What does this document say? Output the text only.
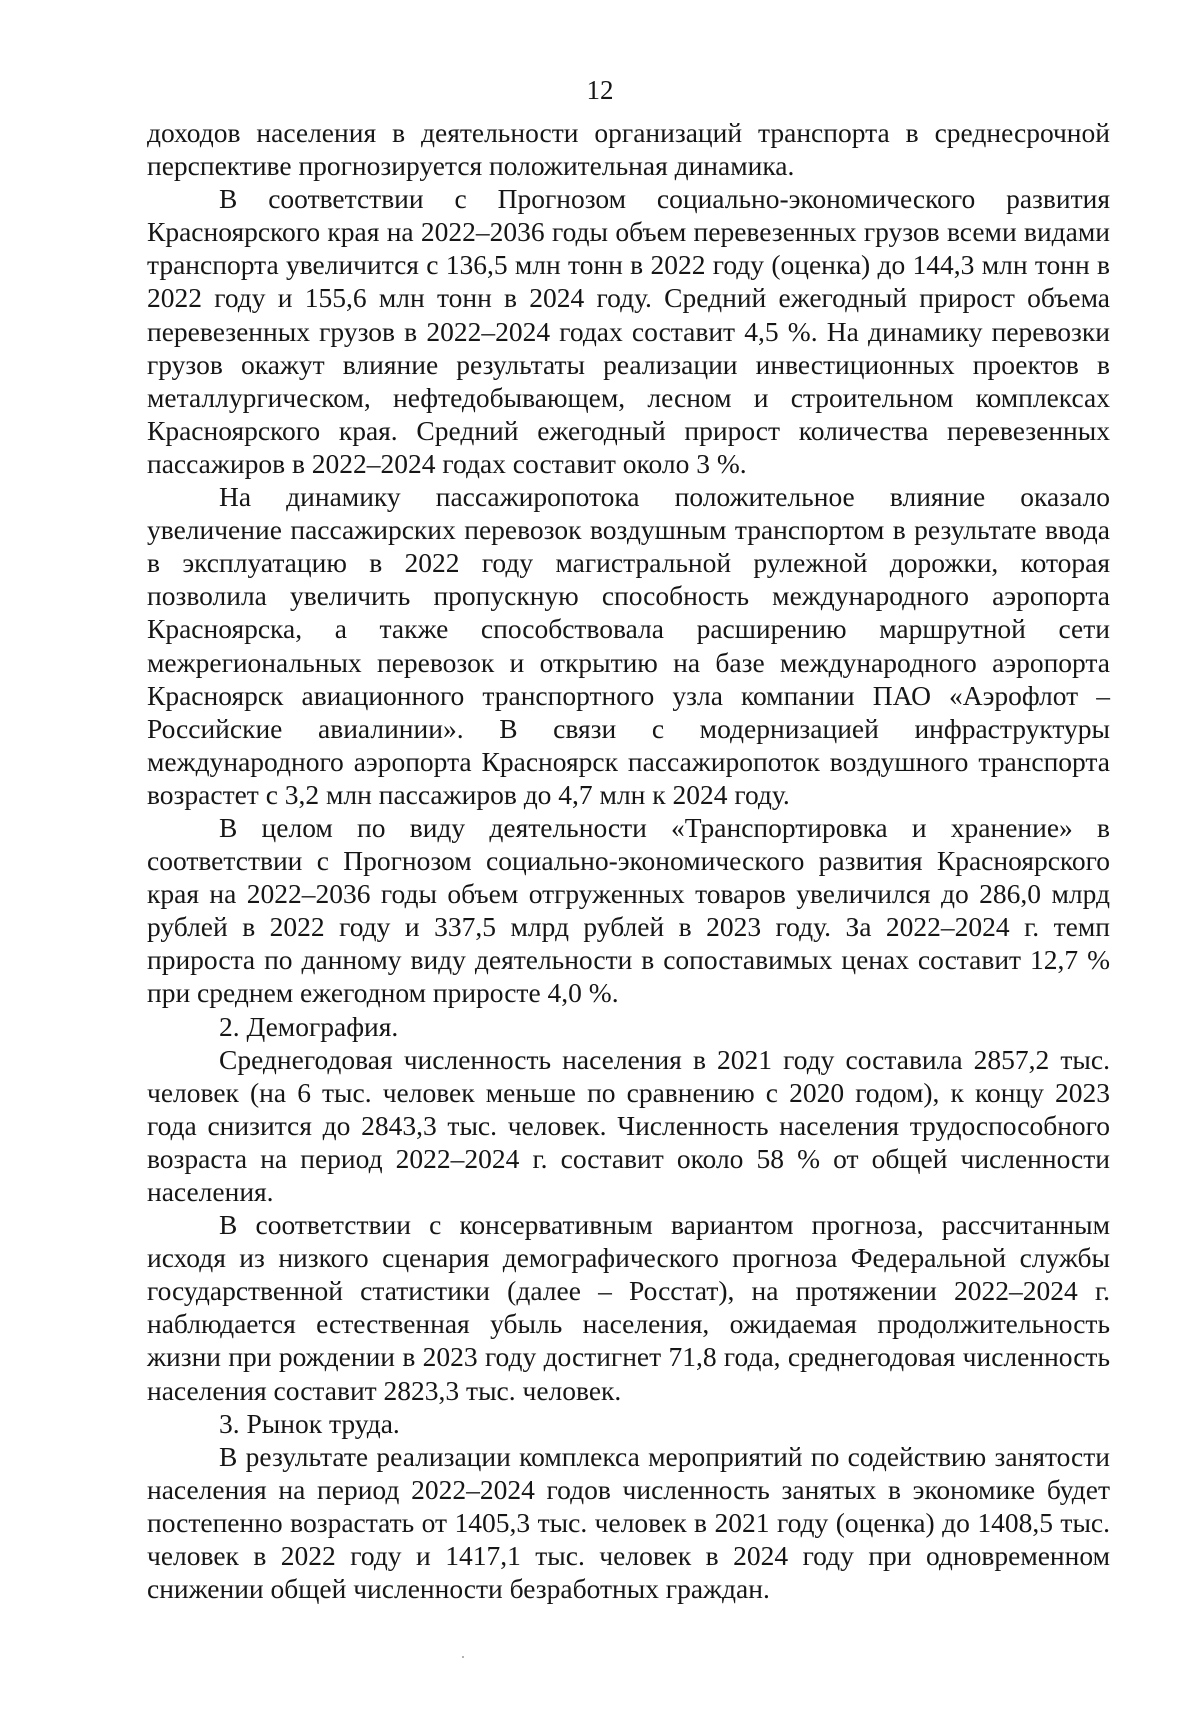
12

доходов населения в деятельности организаций транспорта в среднесрочной перспективе прогнозируется положительная динамика.

В соответствии с Прогнозом социально-экономического развития Красноярского края на 2022–2036 годы объем перевезенных грузов всеми видами транспорта увеличится с 136,5 млн тонн в 2022 году (оценка) до 144,3 млн тонн в 2022 году и 155,6 млн тонн в 2024 году. Средний ежегодный прирост объема перевезенных грузов в 2022–2024 годах составит 4,5 %. На динамику перевозки грузов окажут влияние результаты реализации инвестиционных проектов в металлургическом, нефтедобывающем, лесном и строительном комплексах Красноярского края. Средний ежегодный прирост количества перевезенных пассажиров в 2022–2024 годах составит около 3 %.

На динамику пассажиропотока положительное влияние оказало увеличение пассажирских перевозок воздушным транспортом в результате ввода в эксплуатацию в 2022 году магистральной рулежной дорожки, которая позволила увеличить пропускную способность международного аэропорта Красноярска, а также способствовала расширению маршрутной сети межрегиональных перевозок и открытию на базе международного аэропорта Красноярск авиационного транспортного узла компании ПАО «Аэрофлот – Российские авиалинии». В связи с модернизацией инфраструктуры международного аэропорта Красноярск пассажиропоток воздушного транспорта возрастет с 3,2 млн пассажиров до 4,7 млн к 2024 году.

В целом по виду деятельности «Транспортировка и хранение» в соответствии с Прогнозом социально-экономического развития Красноярского края на 2022–2036 годы объем отгруженных товаров увеличился до 286,0 млрд рублей в 2022 году и 337,5 млрд рублей в 2023 году. За 2022–2024 г. темп прироста по данному виду деятельности в сопоставимых ценах составит 12,7 % при среднем ежегодном приросте 4,0 %.

2. Демография.

Среднегодовая численность населения в 2021 году составила 2857,2 тыс. человек (на 6 тыс. человек меньше по сравнению с 2020 годом), к концу 2023 года снизится до 2843,3 тыс. человек. Численность населения трудоспособного возраста на период 2022–2024 г. составит около 58 % от общей численности населения.

В соответствии с консервативным вариантом прогноза, рассчитанным исходя из низкого сценария демографического прогноза Федеральной службы государственной статистики (далее – Росстат), на протяжении 2022–2024 г. наблюдается естественная убыль населения, ожидаемая продолжительность жизни при рождении в 2023 году достигнет 71,8 года, среднегодовая численность населения составит 2823,3 тыс. человек.

3. Рынок труда.

В результате реализации комплекса мероприятий по содействию занятости населения на период 2022–2024 годов численность занятых в экономике будет постепенно возрастать от 1405,3 тыс. человек в 2021 году (оценка) до 1408,5 тыс. человек в 2022 году и 1417,1 тыс. человек в 2024 году при одновременном снижении общей численности безработных граждан.
